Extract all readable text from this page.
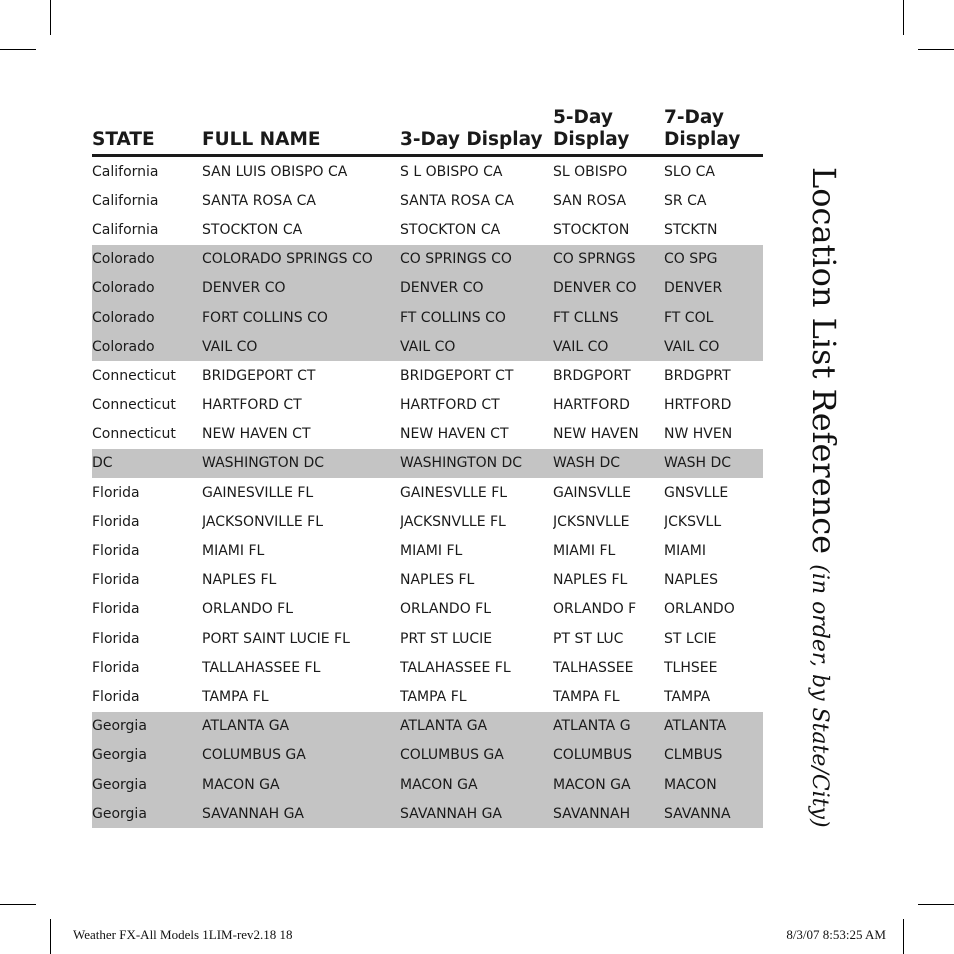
STATE	FULL NAME	3-Day Display	5-Day Display	7-Day Display

California	SAN LUIS OBISPO CA	S L OBISPO CA	SL OBISPO	SLO CA
California	SANTA ROSA CA	SANTA ROSA CA	SAN ROSA	SR CA
California	STOCKTON CA	STOCKTON CA	STOCKTON	STCKTN
Colorado	COLORADO SPRINGS CO	CO SPRINGS CO	CO SPRNGS	CO SPG
Colorado	DENVER CO	DENVER CO	DENVER CO	DENVER
Colorado	FORT COLLINS CO	FT COLLINS CO	FT CLLNS	FT COL
Colorado	VAIL CO	VAIL CO	VAIL CO	VAIL CO
Connecticut	BRIDGEPORT CT	BRIDGEPORT CT	BRDGPORT	BRDGPRT
Connecticut	HARTFORD CT	HARTFORD CT	HARTFORD	HRTFORD
Connecticut	NEW HAVEN CT	NEW HAVEN CT	NEW HAVEN	NW HVEN
DC	WASHINGTON DC	WASHINGTON DC	WASH DC	WASH DC
Florida	GAINESVILLE FL	GAINESVLLE FL	GAINSVLLE	GNSVLLE
Florida	JACKSONVILLE FL	JACKSNVLLE FL	JCKSNVLLE	JCKSVLL
Florida	MIAMI FL	MIAMI FL	MIAMI FL	MIAMI
Florida	NAPLES FL	NAPLES FL	NAPLES FL	NAPLES
Florida	ORLANDO FL	ORLANDO FL	ORLANDO F	ORLANDO
Florida	PORT SAINT LUCIE FL	PRT ST LUCIE	PT ST LUC	ST LCIE
Florida	TALLAHASSEE FL	TALAHASSEE FL	TALHASSEE	TLHSEE
Florida	TAMPA FL	TAMPA FL	TAMPA FL	TAMPA
Georgia	ATLANTA GA	ATLANTA GA	ATLANTA G	ATLANTA
Georgia	COLUMBUS GA	COLUMBUS GA	COLUMBUS	CLMBUS
Georgia	MACON GA	MACON GA	MACON GA	MACON
Georgia	SAVANNAH GA	SAVANNAH GA	SAVANNAH	SAVANNA
Location List Reference (in order, by State/City)
Weather FX-All Models 1LIM-rev2.18 18	8/3/07 8:53:25 AM
